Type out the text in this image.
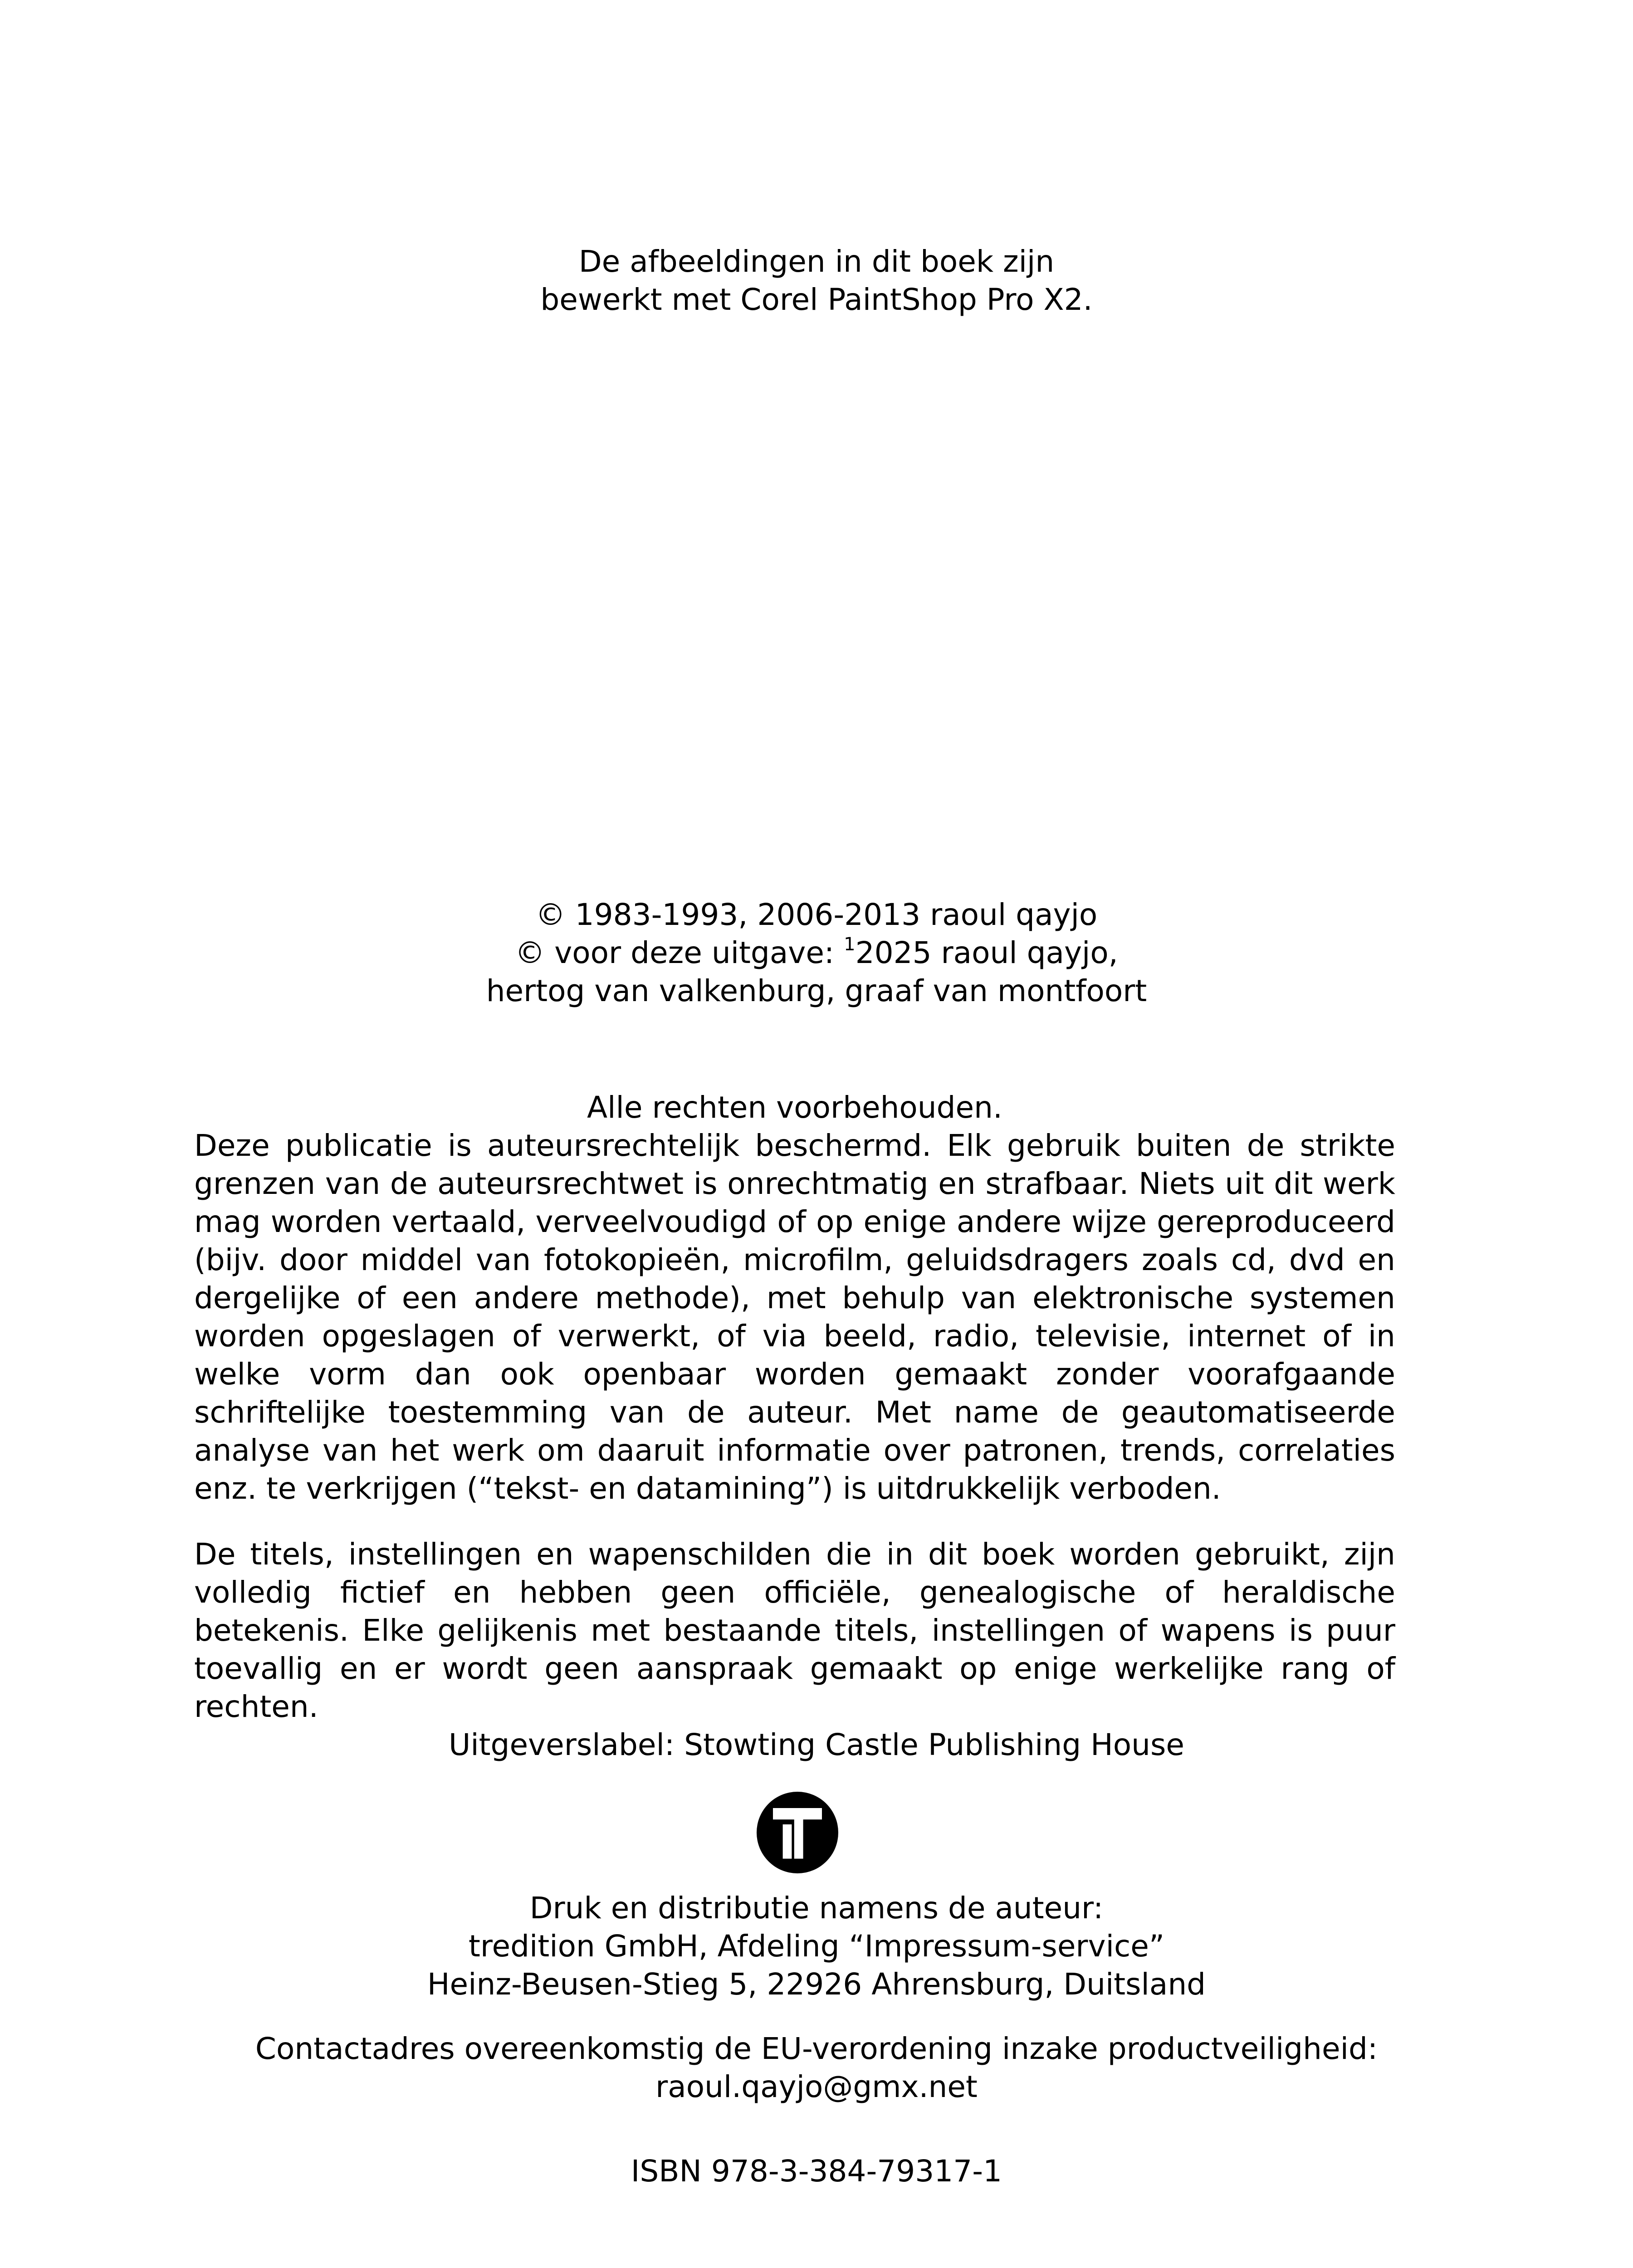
De afbeeldingen in dit boek zijn
bewerkt met Corel PaintShop Pro X2.
© 1983-1993, 2006-2013 raoul qayjo
© voor deze uitgave: $^1$2025 raoul qayjo,
hertog van valkenburg, graaf van montfoort
Alle rechten voorbehouden.
Deze publicatie is auteursrechtelijk beschermd. Elk gebruik buiten de strikte grenzen van de auteursrechtwet is onrechtmatig en strafbaar. Niets uit dit werk mag worden vertaald, verveelvoudigd of op enige andere wijze gereproduceerd (bijv. door middel van fotokopieën, microfilm, geluidsdragers zoals cd, dvd en dergelijke of een andere methode), met behulp van elektronische systemen worden opgeslagen of verwerkt, of via beeld, radio, televisie, internet of in welke vorm dan ook openbaar worden gemaakt zonder voorafgaande schriftelijke toestemming van de auteur. Met name de geautomatiseerde analyse van het werk om daaruit informatie over patronen, trends, correlaties enz. te verkrijgen (“tekst- en datamining”) is uitdrukkelijk verboden.
De titels, instellingen en wapenschilden die in dit boek worden gebruikt, zijn volledig fictief en hebben geen officiële, genealogische of heraldische betekenis. Elke gelijkenis met bestaande titels, instellingen of wapens is puur toevallig en er wordt geen aanspraak gemaakt op enige werkelijke rang of rechten.
Uitgeverslabel: Stowting Castle Publishing House
Druk en distributie namens de auteur:
tredition GmbH, Afdeling “Impressum-service”
Heinz-Beusen-Stieg 5, 22926 Ahrensburg, Duitsland
Contactadres overeenkomstig de EU-verordening inzake productveiligheid:
raoul.qayjo@gmx.net
ISBN 978-3-384-79317-1
